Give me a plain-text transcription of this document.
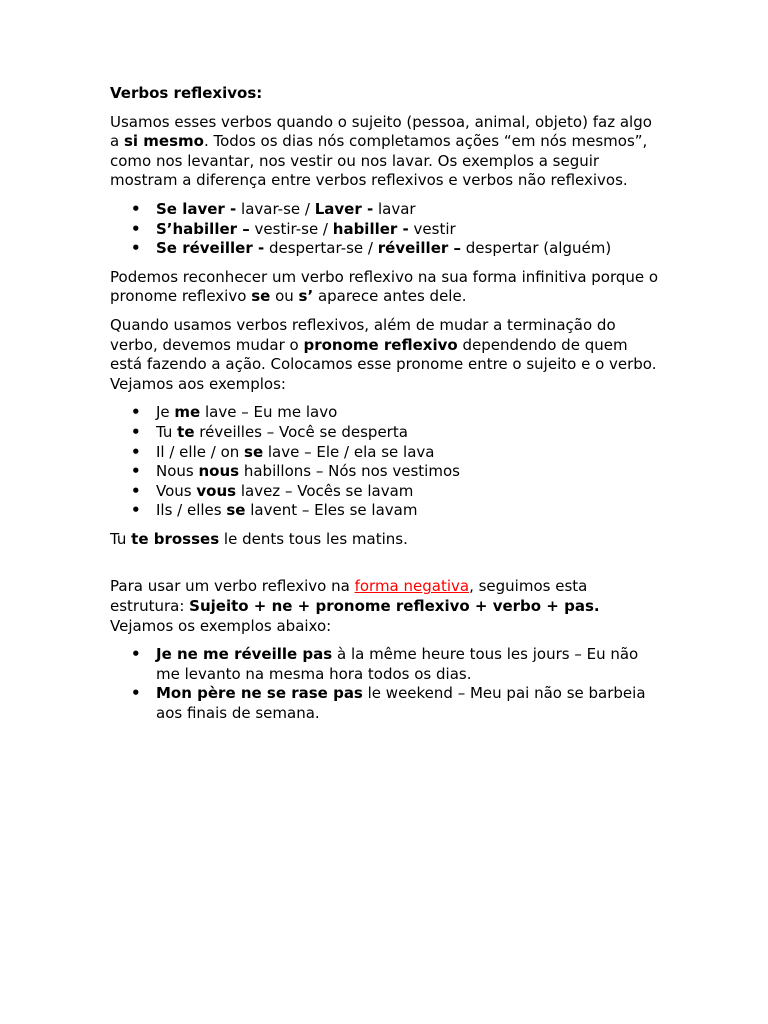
Verbos reflexivos:

Usamos esses verbos quando o sujeito (pessoa, animal, objeto) faz algo a si mesmo. Todos os dias nós completamos ações “em nós mesmos”, como nos levantar, nos vestir ou nos lavar. Os exemplos a seguir mostram a diferença entre verbos reflexivos e verbos não reflexivos.

• Se laver - lavar-se / Laver - lavar
• S’habiller – vestir-se / habiller - vestir
• Se réveiller - despertar-se / réveiller – despertar (alguém)

Podemos reconhecer um verbo reflexivo na sua forma infinitiva porque o pronome reflexivo se ou s’ aparece antes dele.

Quando usamos verbos reflexivos, além de mudar a terminação do verbo, devemos mudar o pronome reflexivo dependendo de quem está fazendo a ação. Colocamos esse pronome entre o sujeito e o verbo. Vejamos aos exemplos:

• Je me lave – Eu me lavo
• Tu te réveilles – Você se desperta
• Il / elle / on se lave – Ele / ela se lava
• Nous nous habillons – Nós nos vestimos
• Vous vous lavez – Vocês se lavam
• Ils / elles se lavent – Eles se lavam

Tu te brosses le dents tous les matins.

Para usar um verbo reflexivo na forma negativa, seguimos esta estrutura: Sujeito + ne + pronome reflexivo + verbo + pas. Vejamos os exemplos abaixo:

• Je ne me réveille pas à la même heure tous les jours – Eu não me levanto na mesma hora todos os dias.
• Mon père ne se rase pas le weekend – Meu pai não se barbeia aos finais de semana.
